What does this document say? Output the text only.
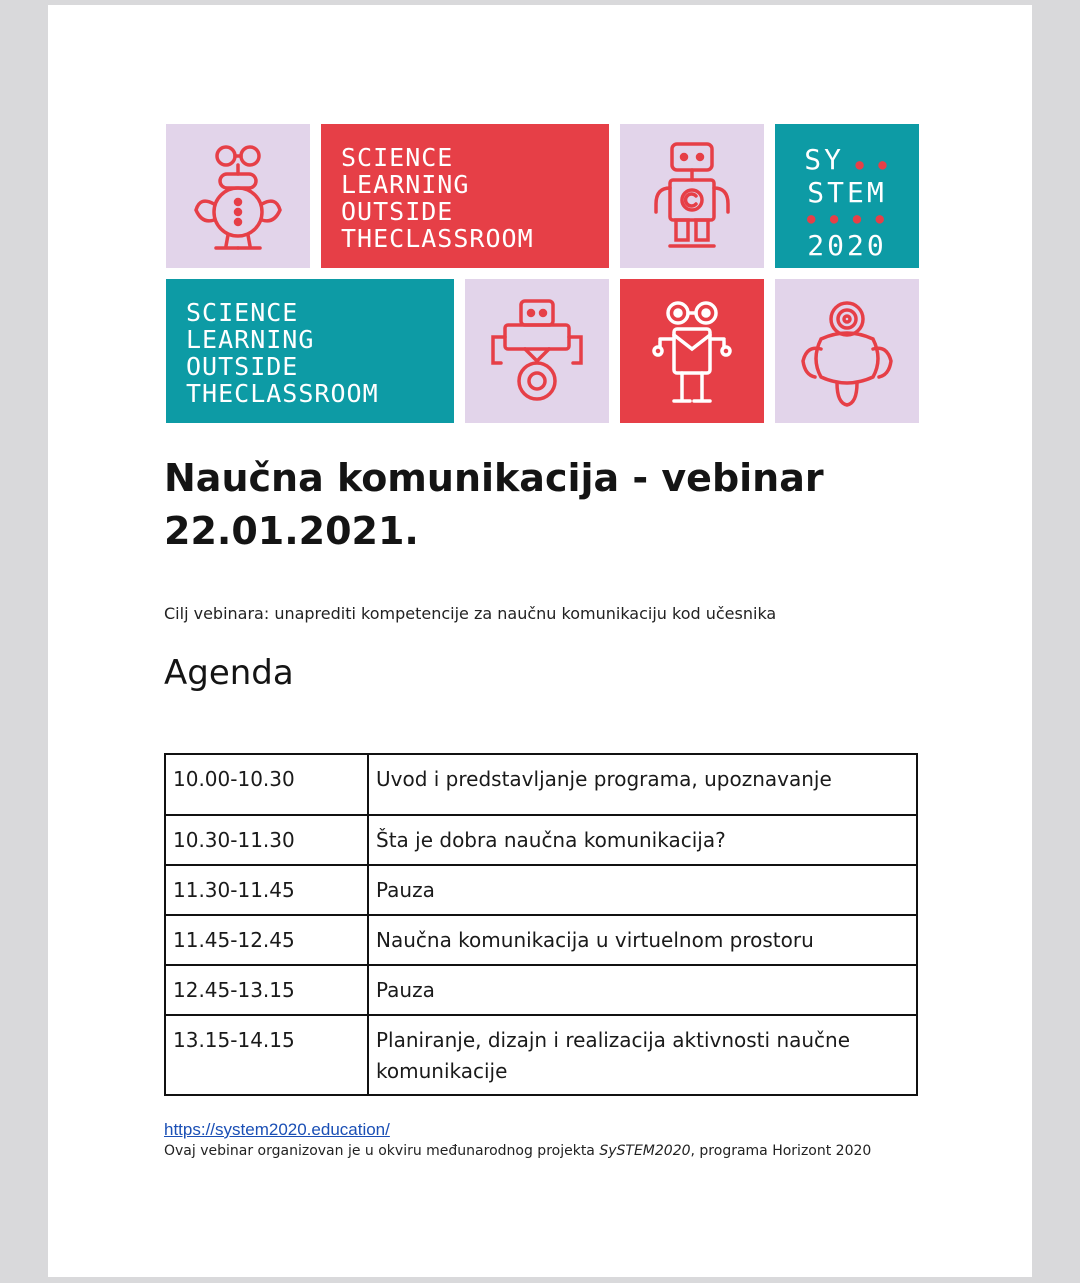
SCIENCE
LEARNING
OUTSIDE
THECLASSROOM
SY ● ●
STEM
● ● ● ●
2020
SCIENCE
LEARNING
OUTSIDE
THECLASSROOM
Naučna komunikacija - vebinar
22.01.2021.
Cilj vebinara: unaprediti kompetencije za naučnu komunikaciju kod učesnika
Agenda
10.00-10.30	Uvod i predstavljanje programa, upoznavanje
10.30-11.30	Šta je dobra naučna komunikacija?
11.30-11.45	Pauza
11.45-12.45	Naučna komunikacija u virtuelnom prostoru
12.45-13.15	Pauza
13.15-14.15	Planiranje, dizajn i realizacija aktivnosti naučne komunikacije
https://system2020.education/
Ovaj vebinar organizovan je u okviru međunarodnog projekta SySTEM2020, programa Horizont 2020
